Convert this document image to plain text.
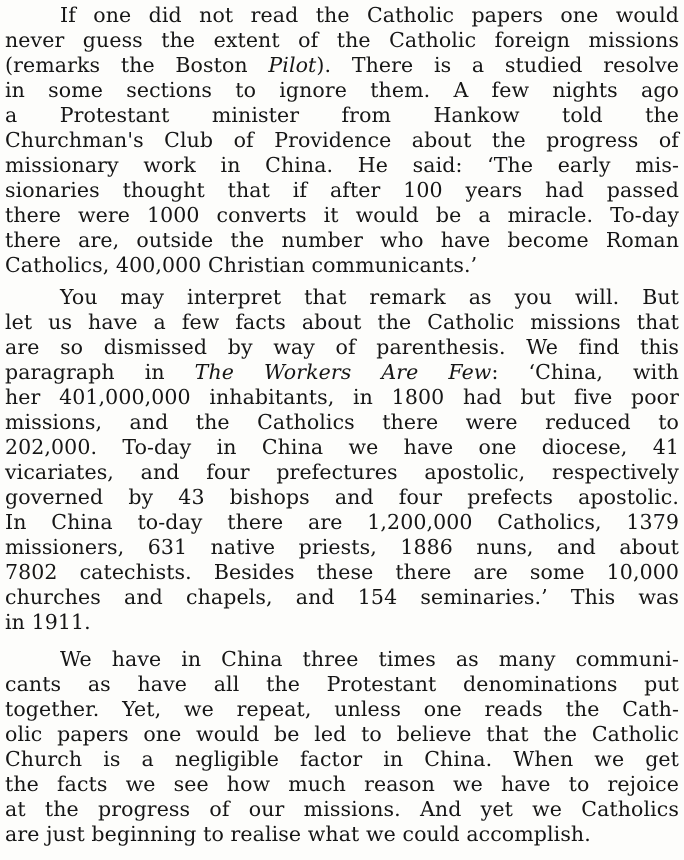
If one did not read the Catholic papers one would

never guess the extent of the Catholic foreign missions

(remarks the Boston Pilot). There is a studied resolve

in some sections to ignore them. A few nights ago

a Protestant minister from Hankow told the

Churchman's Club of Providence about the progress of

missionary work in China. He said: ‘The early mis-

sionaries thought that if after 100 years had passed

there were 1000 converts it would be a miracle. To-day

there are, outside the number who have become Roman

Catholics, 400,000 Christian communicants.’

You may interpret that remark as you will. But

let us have a few facts about the Catholic missions that

are so dismissed by way of parenthesis. We find this

paragraph in The Workers Are Few: ‘China, with

her 401,000,000 inhabitants, in 1800 had but five poor

missions, and the Catholics there were reduced to

202,000. To-day in China we have one diocese, 41

vicariates, and four prefectures apostolic, respectively

governed by 43 bishops and four prefects apostolic.

In China to-day there are 1,200,000 Catholics, 1379

missioners, 631 native priests, 1886 nuns, and about

7802 catechists. Besides these there are some 10,000

churches and chapels, and 154 seminaries.’ This was

in 1911.

We have in China three times as many communi-

cants as have all the Protestant denominations put

together. Yet, we repeat, unless one reads the Cath-

olic papers one would be led to believe that the Catholic

Church is a negligible factor in China. When we get

the facts we see how much reason we have to rejoice

at the progress of our missions. And yet we Catholics

are just beginning to realise what we could accomplish.
